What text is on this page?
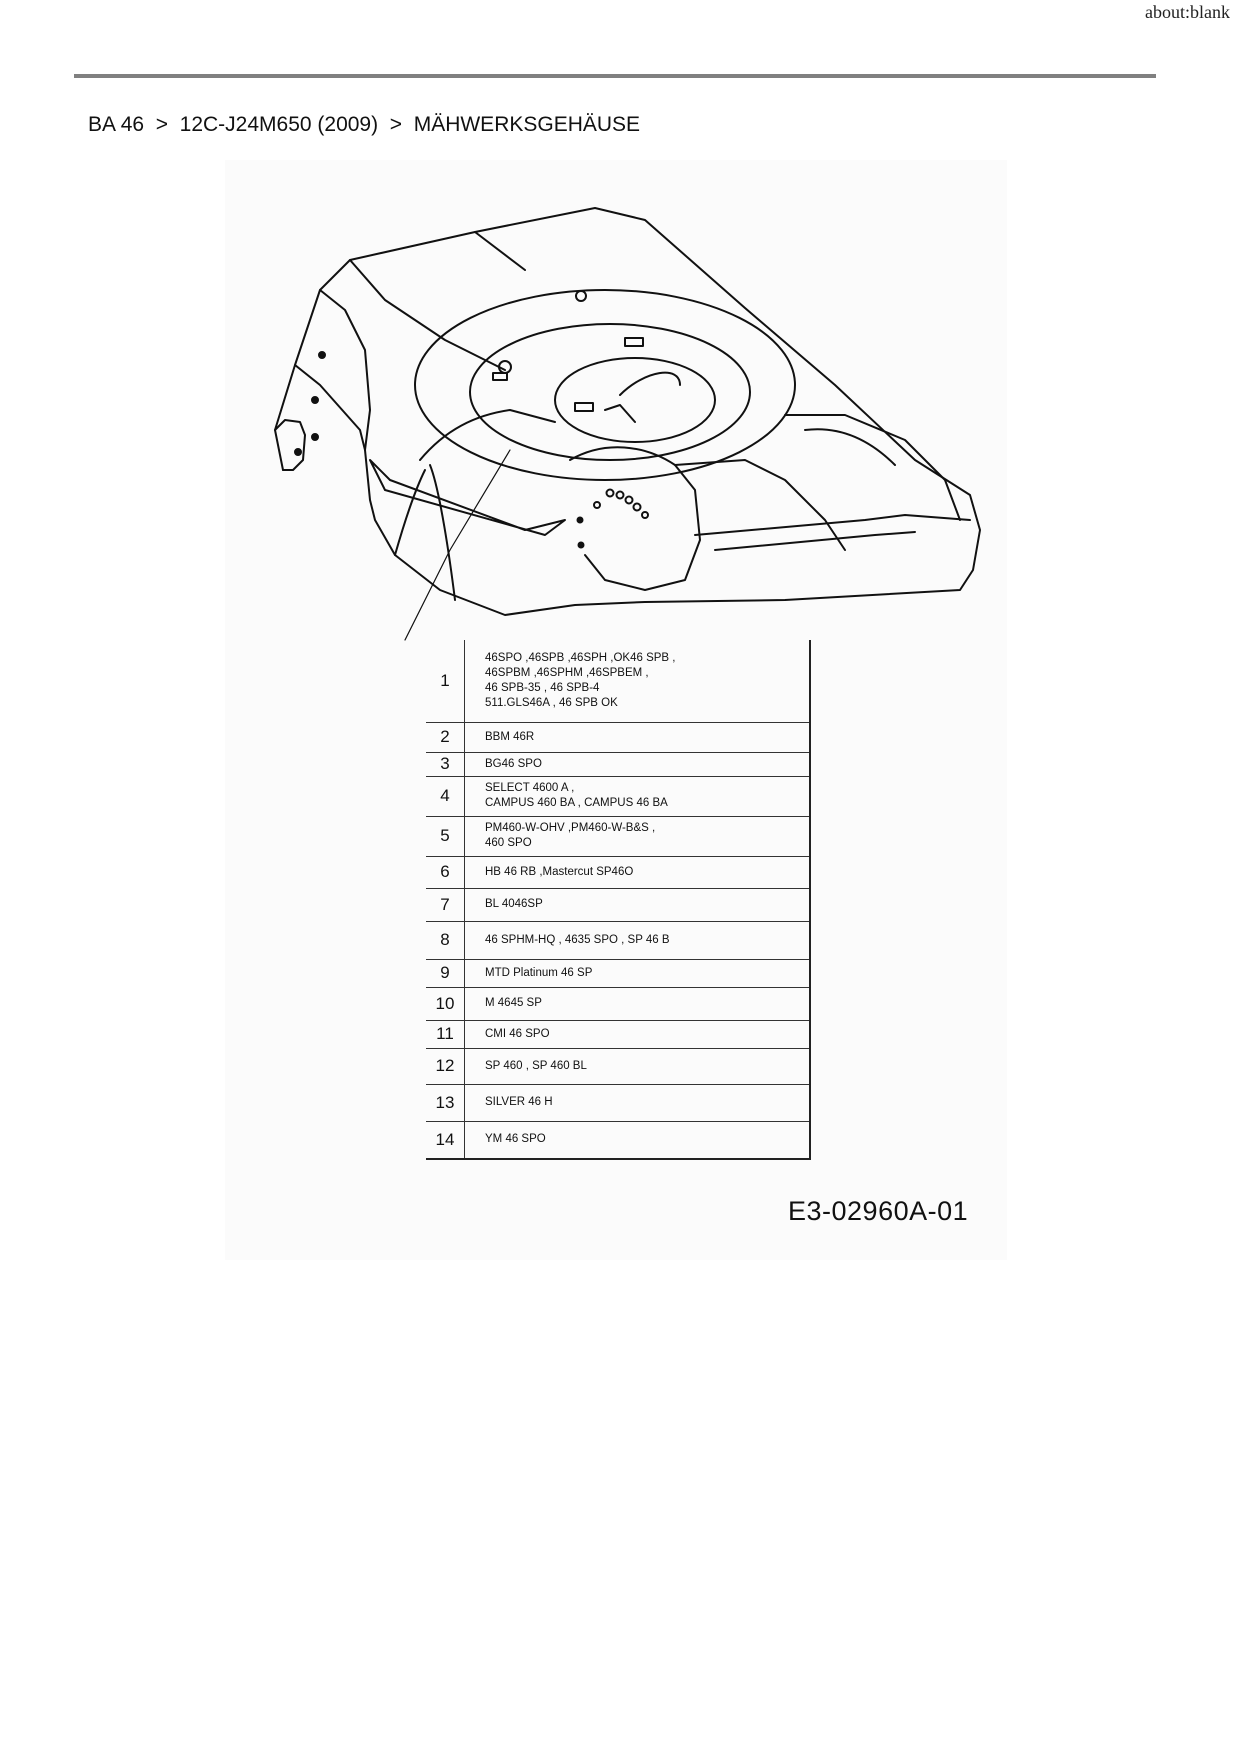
about:blank
BA 46  >  12C-J24M650 (2009)  >  MÄHWERKSGEHÄUSE
1	46SPO ,46SPB ,46SPH ,OK46 SPB ,
46SPBM ,46SPHM ,46SPBEM ,
46 SPB-35 , 46 SPB-4
511.GLS46A , 46 SPB OK

2	BBM 46R

3	BG46 SPO

4	SELECT 4600 A ,
CAMPUS 460 BA , CAMPUS 46 BA

5	PM460-W-OHV ,PM460-W-B&S ,
460 SPO

6	HB 46 RB ,Mastercut SP46O

7	BL 4046SP

8	46 SPHM-HQ , 4635 SPO , SP 46 B

9	MTD Platinum 46 SP

10	M 4645 SP

11	CMI 46 SPO

12	SP 460 , SP 460 BL

13	SILVER 46 H

14	YM 46 SPO
E3-02960A-01
